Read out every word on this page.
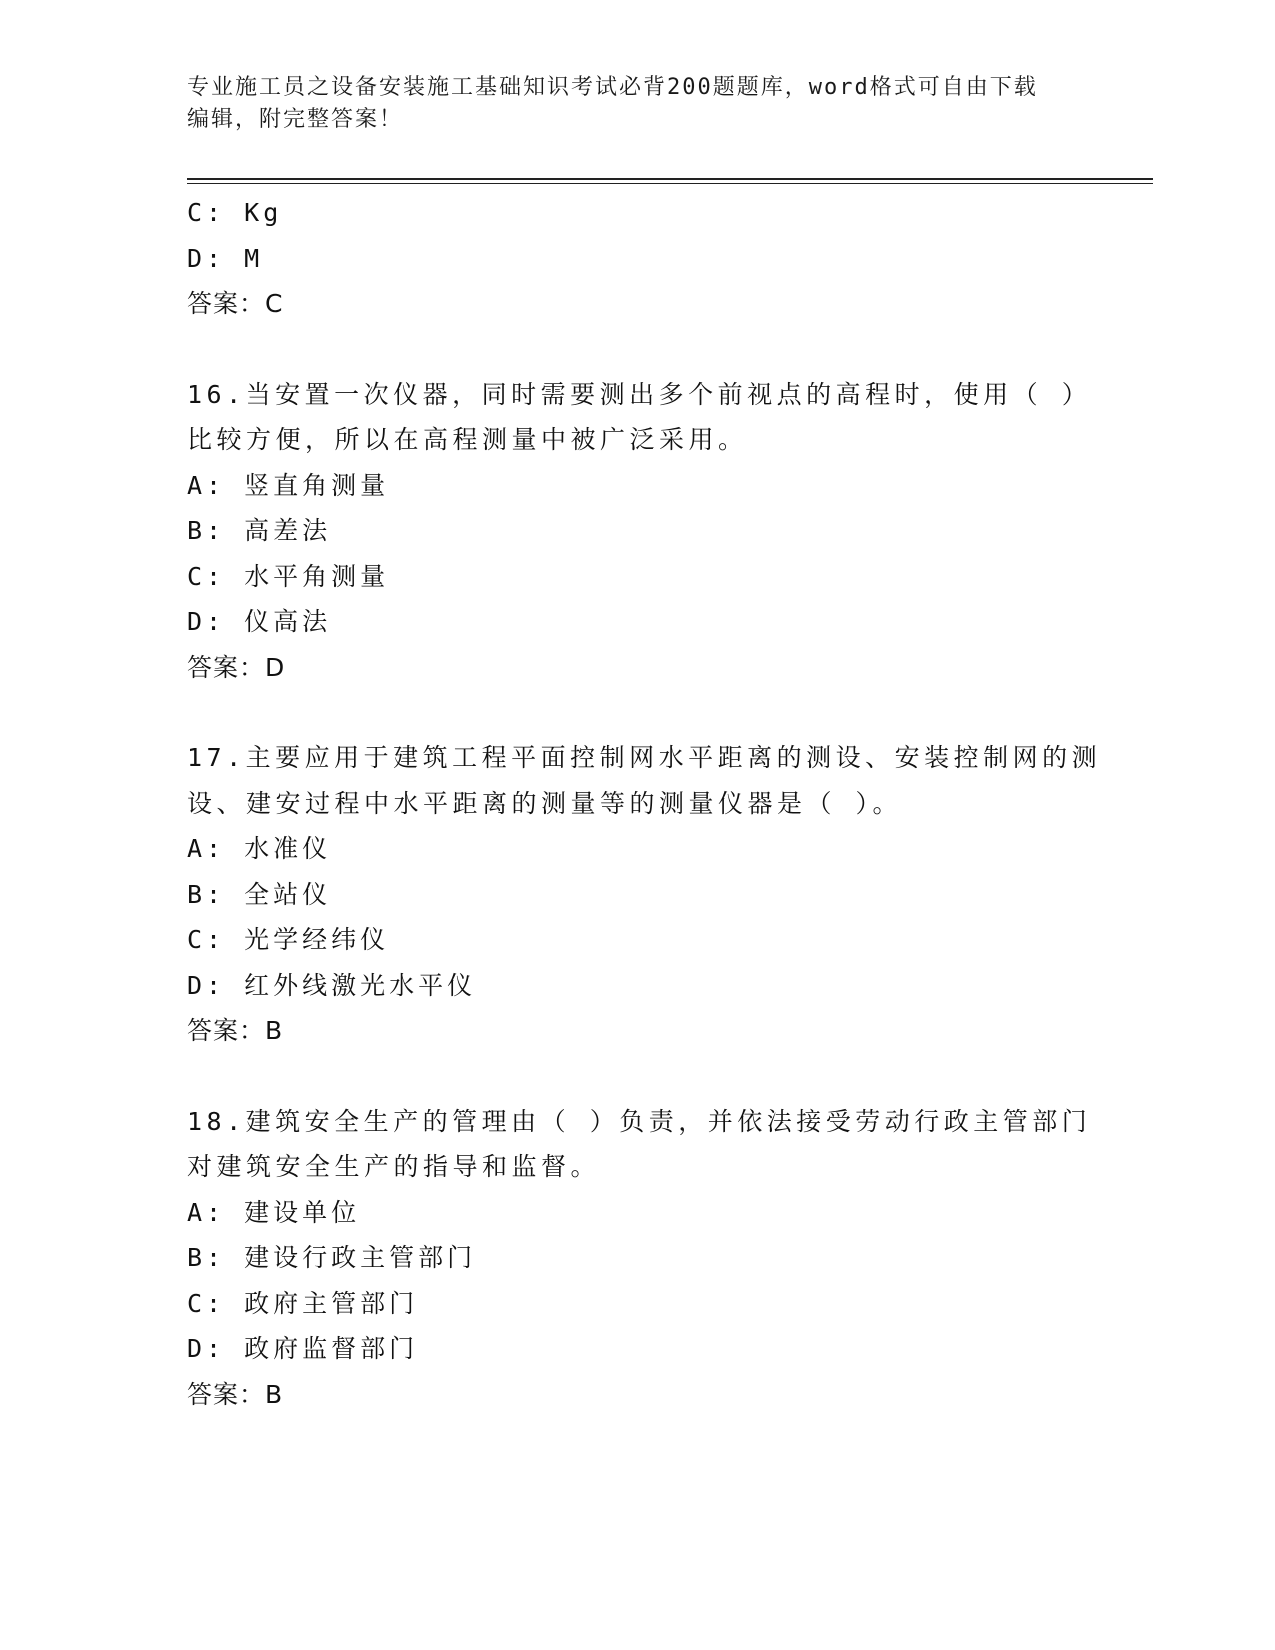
专业施工员之设备安装施工基础知识考试必背200题题库，word格式可自由下载
编辑，附完整答案！
C: Kg
D: M
答案：C
16.当安置一次仪器，同时需要测出多个前视点的高程时，使用（ ）
比较方便，所以在高程测量中被广泛采用。
A: 竖直角测量
B: 高差法
C: 水平角测量
D: 仪高法
答案：D
17.主要应用于建筑工程平面控制网水平距离的测设、安装控制网的测
设、建安过程中水平距离的测量等的测量仪器是（ ）。
A: 水准仪
B: 全站仪
C: 光学经纬仪
D: 红外线激光水平仪
答案：B
18.建筑安全生产的管理由（ ）负责，并依法接受劳动行政主管部门
对建筑安全生产的指导和监督。
A: 建设单位
B: 建设行政主管部门
C: 政府主管部门
D: 政府监督部门
答案：B
